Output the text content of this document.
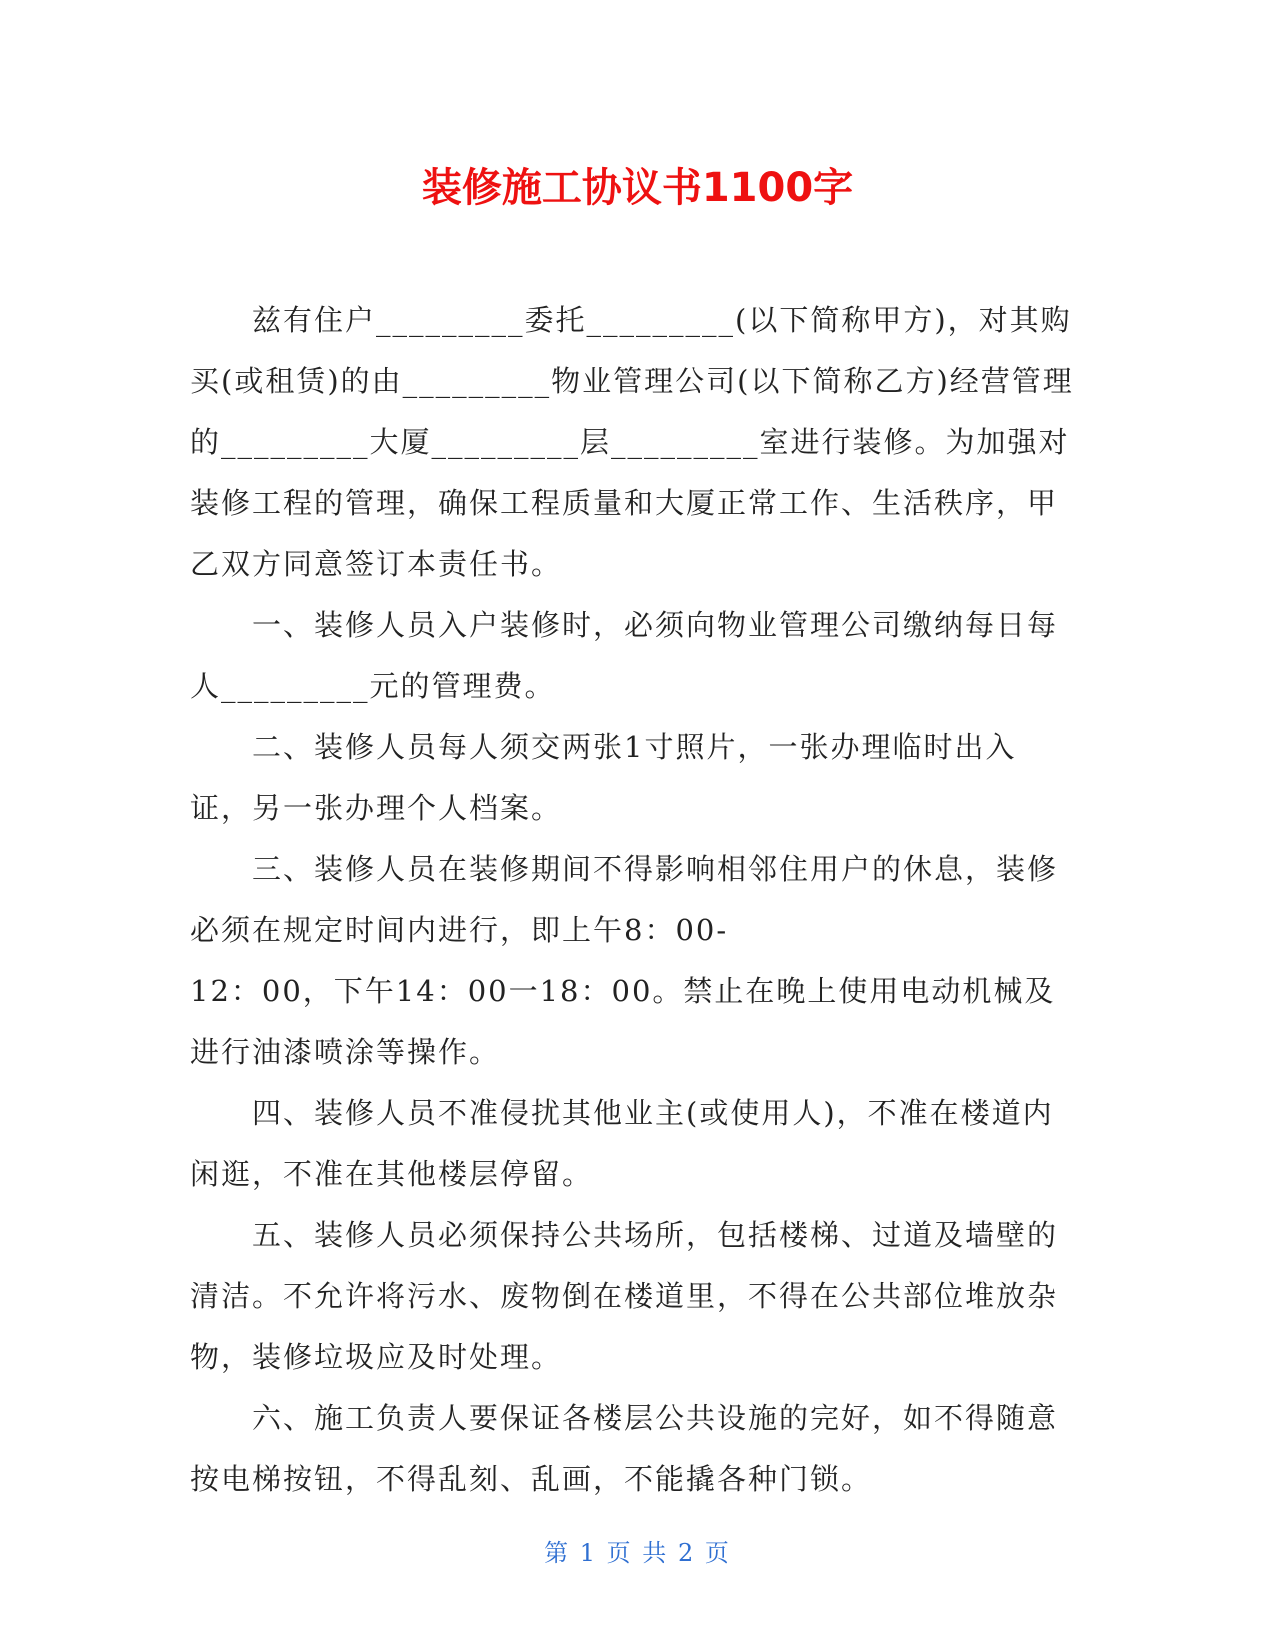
装修施工协议书1100字

兹有住户_________委托_________(以下简称甲方)，对其购买(或租赁)的由_________物业管理公司(以下简称乙方)经营管理的_________大厦_________层_________室进行装修。为加强对装修工程的管理，确保工程质量和大厦正常工作、生活秩序，甲乙双方同意签订本责任书。

一、装修人员入户装修时，必须向物业管理公司缴纳每日每人_________元的管理费。

二、装修人员每人须交两张1寸照片，一张办理临时出入证，另一张办理个人档案。

三、装修人员在装修期间不得影响相邻住用户的休息，装修必须在规定时间内进行，即上午8：00-

12：00，下午14：00一18：00。禁止在晚上使用电动机械及进行油漆喷涂等操作。

四、装修人员不准侵扰其他业主(或使用人)，不准在楼道内闲逛，不准在其他楼层停留。

五、装修人员必须保持公共场所，包括楼梯、过道及墙壁的清洁。不允许将污水、废物倒在楼道里，不得在公共部位堆放杂物，装修垃圾应及时处理。

六、施工负责人要保证各楼层公共设施的完好，如不得随意按电梯按钮，不得乱刻、乱画，不能撬各种门锁。

第 1 页 共 2 页
